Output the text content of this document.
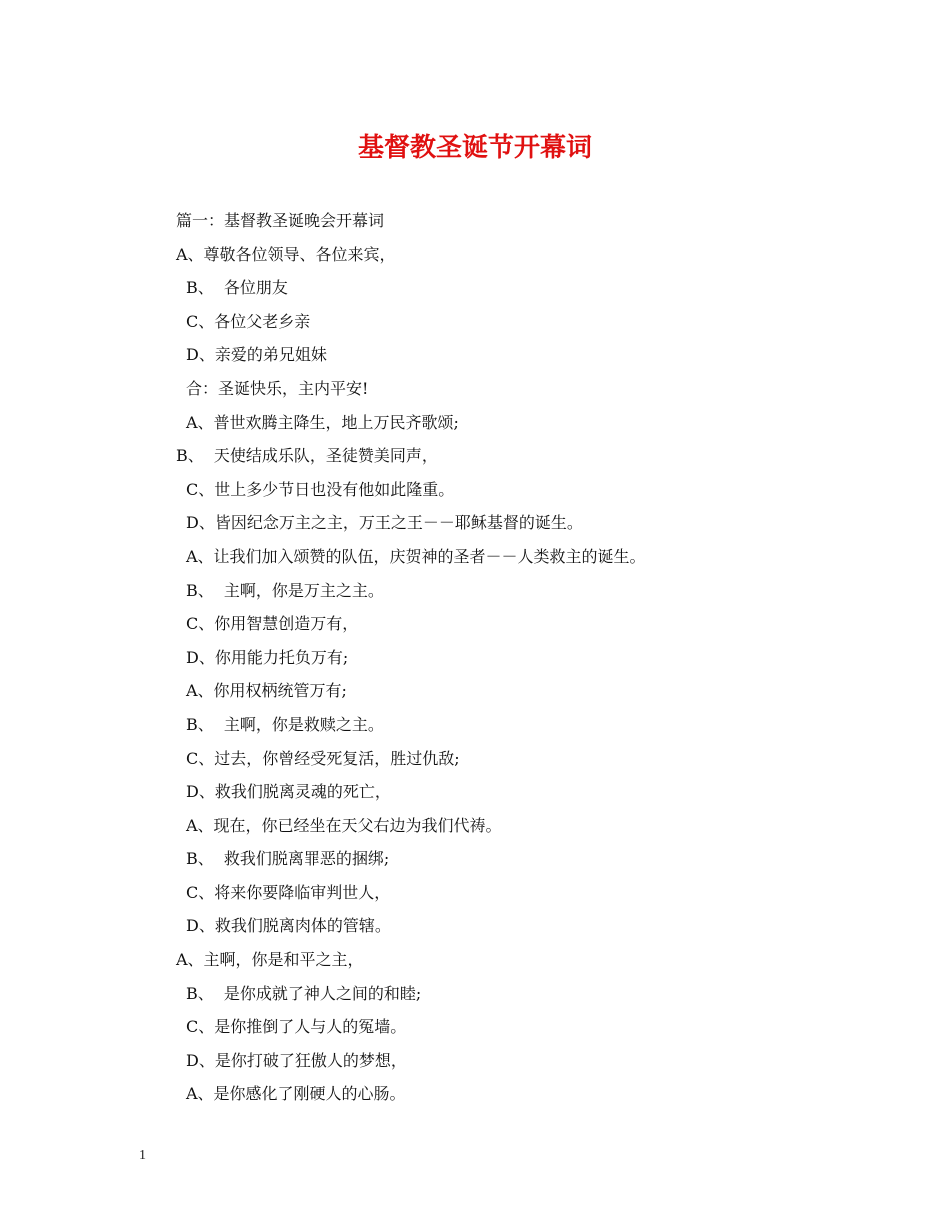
基督教圣诞节开幕词
篇一：基督教圣诞晚会开幕词
A、尊敬各位领导、各位来宾，
B、  各位朋友
C、各位父老乡亲
D、亲爱的弟兄姐妹
合：圣诞快乐，主内平安!
A、普世欢腾主降生，地上万民齐歌颂;
B、  天使结成乐队，圣徒赞美同声，
C、世上多少节日也没有他如此隆重。
D、皆因纪念万主之主，万王之王－－耶稣基督的诞生。
A、让我们加入颂赞的队伍，庆贺神的圣者－－人类救主的诞生。
B、  主啊，你是万主之主。
C、你用智慧创造万有，
D、你用能力托负万有;
A、你用权柄统管万有;
B、  主啊，你是救赎之主。
C、过去，你曾经受死复活，胜过仇敌;
D、救我们脱离灵魂的死亡，
A、现在，你已经坐在天父右边为我们代祷。
B、  救我们脱离罪恶的捆绑;
C、将来你要降临审判世人，
D、救我们脱离肉体的管辖。
A、主啊，你是和平之主，
B、  是你成就了神人之间的和睦;
C、是你推倒了人与人的冤墙。
D、是你打破了狂傲人的梦想，
A、是你感化了刚硬人的心肠。
1
